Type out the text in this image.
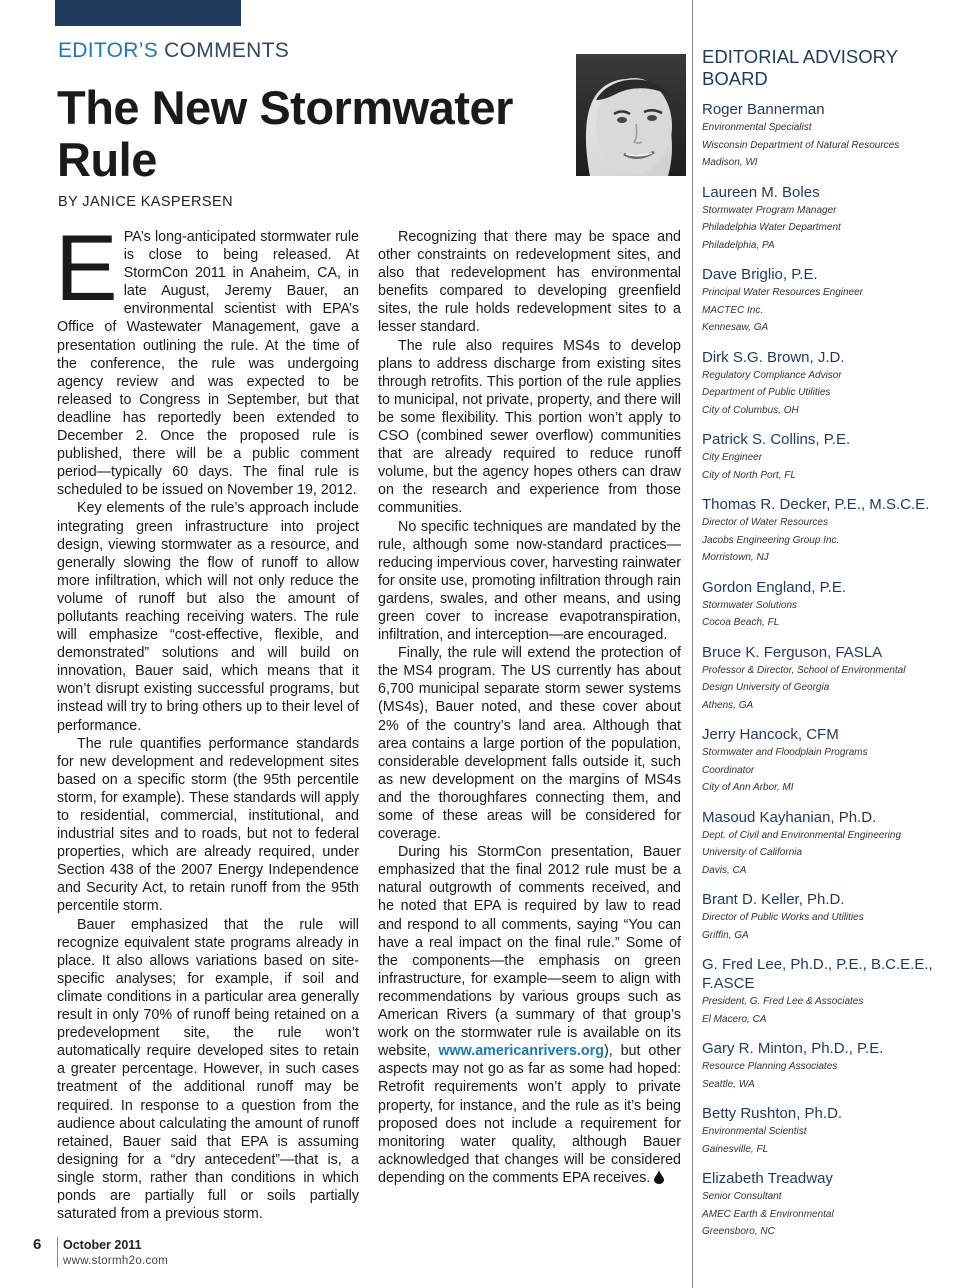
EDITOR’S COMMENTS
The New Stormwater Rule
BY JANICE KASPERSEN

EPA’s long-anticipated stormwater rule is close to being released. At StormCon 2011 in Anaheim, CA, in late August, Jeremy Bauer, an environmental scientist with EPA’s Office of Wastewater Management, gave a presentation outlining the rule. At the time of the conference, the rule was undergoing agency review and was expected to be released to Congress in September, but that deadline has reportedly been extended to December 2. Once the proposed rule is published, there will be a public comment period—typically 60 days. The final rule is scheduled to be issued on November 19, 2012.

Key elements of the rule’s approach include integrating green infrastructure into project design, viewing stormwater as a resource, and generally slowing the flow of runoff to allow more infiltration, which will not only reduce the volume of runoff but also the amount of pollutants reaching receiving waters. The rule will emphasize “cost-effective, flexible, and demonstrated” solutions and will build on innovation, Bauer said, which means that it won’t disrupt existing successful programs, but instead will try to bring others up to their level of performance.

The rule quantifies performance standards for new development and redevelopment sites based on a specific storm (the 95th percentile storm, for example). These standards will apply to residential, commercial, institutional, and industrial sites and to roads, but not to federal properties, which are already required, under Section 438 of the 2007 Energy Independence and Security Act, to retain runoff from the 95th percentile storm.

Bauer emphasized that the rule will recognize equivalent state programs already in place. It also allows variations based on site-specific analyses; for example, if soil and climate conditions in a particular area generally result in only 70% of runoff being retained on a predevelopment site, the rule won’t automatically require developed sites to retain a greater percentage. However, in such cases treatment of the additional runoff may be required. In response to a question from the audience about calculating the amount of runoff retained, Bauer said that EPA is assuming designing for a “dry antecedent”—that is, a single storm, rather than conditions in which ponds are partially full or soils partially saturated from a previous storm.

Recognizing that there may be space and other constraints on redevelopment sites, and also that redevelopment has environmental benefits compared to developing greenfield sites, the rule holds redevelopment sites to a lesser standard.

The rule also requires MS4s to develop plans to address discharge from existing sites through retrofits. This portion of the rule applies to municipal, not private, property, and there will be some flexibility. This portion won’t apply to CSO (combined sewer overflow) communities that are already required to reduce runoff volume, but the agency hopes others can draw on the research and experience from those communities.

No specific techniques are mandated by the rule, although some now-standard practices—reducing impervious cover, harvesting rainwater for onsite use, promoting infiltration through rain gardens, swales, and other means, and using green cover to increase evapotranspiration, infiltration, and interception—are encouraged.

Finally, the rule will extend the protection of the MS4 program. The US currently has about 6,700 municipal separate storm sewer systems (MS4s), Bauer noted, and these cover about 2% of the country’s land area. Although that area contains a large portion of the population, considerable development falls outside it, such as new development on the margins of MS4s and the thoroughfares connecting them, and some of these areas will be considered for coverage.

During his StormCon presentation, Bauer emphasized that the final 2012 rule must be a natural outgrowth of comments received, and he noted that EPA is required by law to read and respond to all comments, saying “You can have a real impact on the final rule.” Some of the components—the emphasis on green infrastructure, for example—seem to align with recommendations by various groups such as American Rivers (a summary of that group’s work on the stormwater rule is available on its website, www.americanrivers.org), but other aspects may not go as far as some had hoped: Retrofit requirements won’t apply to private property, for instance, and the rule as it’s being proposed does not include a requirement for monitoring water quality, although Bauer acknowledged that changes will be considered depending on the comments EPA receives.

EDITORIAL ADVISORY BOARD
Roger Bannerman
Environmental Specialist
Wisconsin Department of Natural Resources
Madison, WI
Laureen M. Boles
Stormwater Program Manager
Philadelphia Water Department
Philadelphia, PA
Dave Briglio, P.E.
Principal Water Resources Engineer
MACTEC Inc.
Kennesaw, GA
Dirk S.G. Brown, J.D.
Regulatory Compliance Advisor
Department of Public Utilities
City of Columbus, OH
Patrick S. Collins, P.E.
City Engineer
City of North Port, FL
Thomas R. Decker, P.E., M.S.C.E.
Director of Water Resources
Jacobs Engineering Group Inc.
Morristown, NJ
Gordon England, P.E.
Stormwater Solutions
Cocoa Beach, FL
Bruce K. Ferguson, FASLA
Professor & Director, School of Environmental
Design University of Georgia
Athens, GA
Jerry Hancock, CFM
Stormwater and Floodplain Programs
Coordinator
City of Ann Arbor, MI
Masoud Kayhanian, Ph.D.
Dept. of Civil and Environmental Engineering
University of California
Davis, CA
Brant D. Keller, Ph.D.
Director of Public Works and Utilities
Griffin, GA
G. Fred Lee, Ph.D., P.E., B.C.E.E., F.ASCE
President, G. Fred Lee & Associates
El Macero, CA
Gary R. Minton, Ph.D., P.E.
Resource Planning Associates
Seattle, WA
Betty Rushton, Ph.D.
Environmental Scientist
Gainesville, FL
Elizabeth Treadway
Senior Consultant
AMEC Earth & Environmental
Greensboro, NC
6 October 2011
www.stormh2o.com
